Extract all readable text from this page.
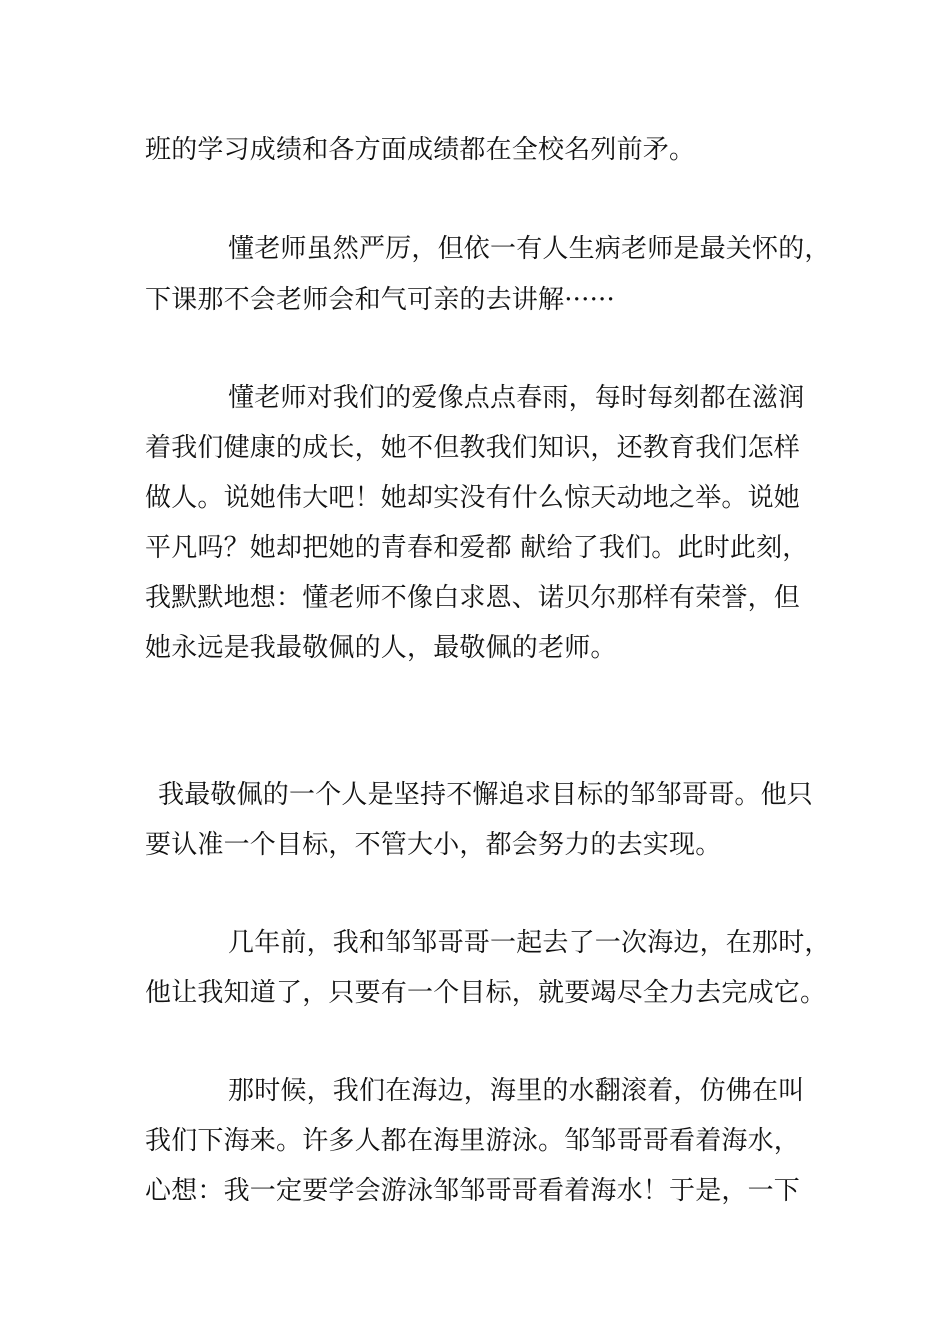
班的学习成绩和各方面成绩都在全校名列前矛。
懂老师虽然严厉，但依一有人生病老师是最关怀的，
下课那不会老师会和气可亲的去讲解······
懂老师对我们的爱像点点春雨，每时每刻都在滋润
着我们健康的成长，她不但教我们知识，还教育我们怎样
做人。说她伟大吧！她却实没有什么惊天动地之举。说她
平凡吗？她却把她的青春和爱都 献给了我们。此时此刻，
我默默地想：懂老师不像白求恩、诺贝尔那样有荣誉，但
她永远是我最敬佩的人，最敬佩的老师。
我最敬佩的一个人是坚持不懈追求目标的邹邹哥哥。他只
要认准一个目标，不管大小，都会努力的去实现。
几年前，我和邹邹哥哥一起去了一次海边，在那时，
他让我知道了，只要有一个目标，就要竭尽全力去完成它。
那时候，我们在海边，海里的水翻滚着，仿佛在叫
我们下海来。许多人都在海里游泳。邹邹哥哥看着海水，
心想：我一定要学会游泳邹邹哥哥看着海水！于是，一下
